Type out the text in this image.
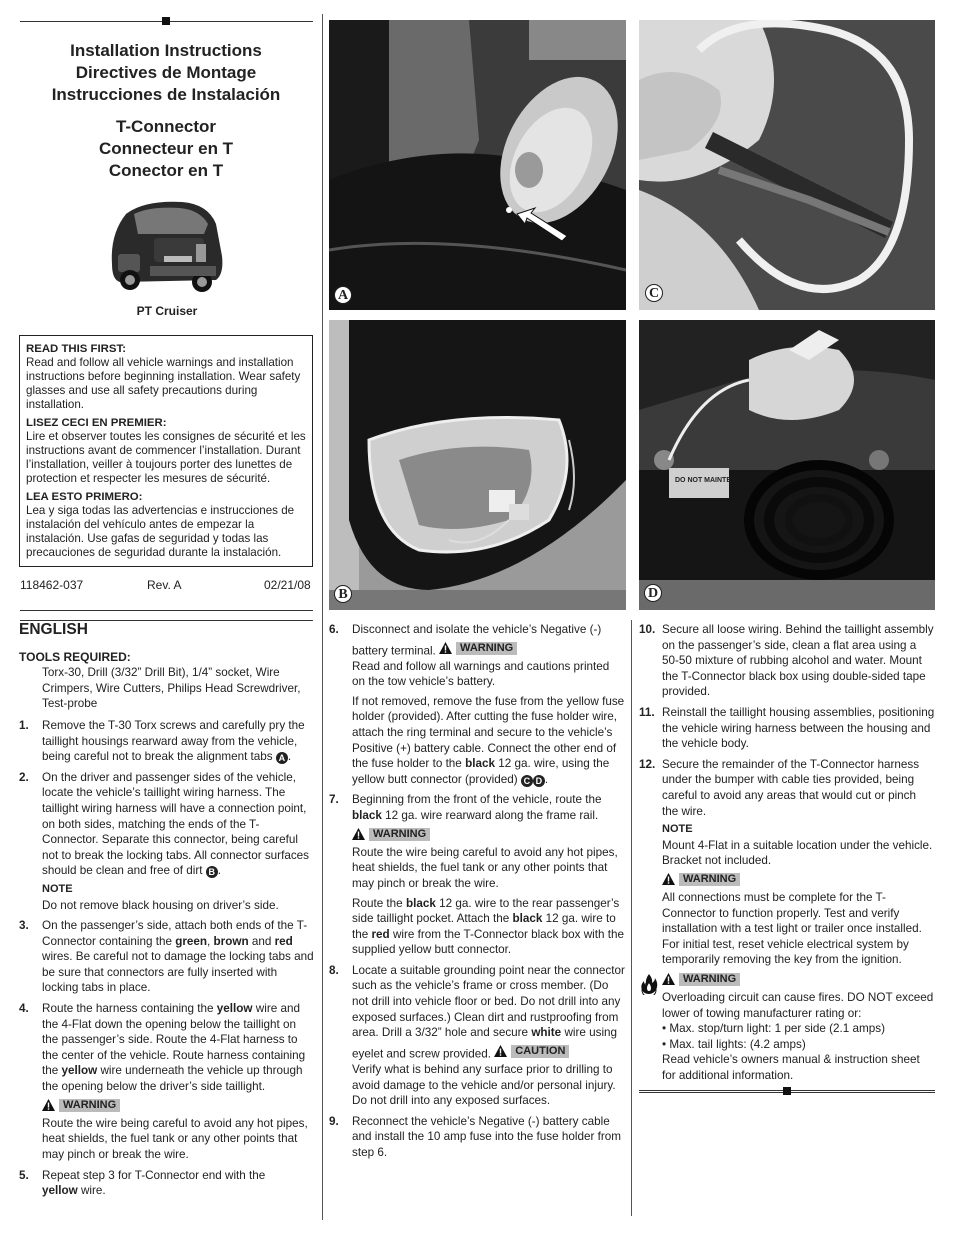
Installation Instructions
Directives de Montage
Instrucciones de Instalación
T-Connector
Connecteur en T
Conector en T
PT Cruiser

READ THIS FIRST:
Read and follow all vehicle warnings and installation instructions before beginning installation. Wear safety glasses and use all safety precautions during installation.

LISEZ CECI EN PREMIER:
Lire et observer toutes les consignes de sécurité et les instructions avant de commencer l’installation. Durant l’installation, veiller à toujours porter des lunettes de protection et respecter les mesures de sécurité.

LEA ESTO PRIMERO:
Lea y siga todas las advertencias e instrucciones de instalación del vehículo antes de empezar la instalación. Use gafas de seguridad y todas las precauciones de seguridad durante la instalación.

118462-037	Rev. A	02/21/08
A	C
B
DO NOT MAINTE
D
ENGLISH
TOOLS REQUIRED:
Torx-30, Drill (3/32” Drill Bit), 1/4” socket, Wire Crimpers, Wire Cutters, Philips Head Screwdriver, Test-probe
1. Remove the T-30 Torx screws and carefully pry the taillight housings rearward away from the vehicle, being careful not to break the alignment tabs A .
2. On the driver and passenger sides of the vehicle, locate the vehicle’s taillight wiring harness. The taillight wiring harness will have a connection point, on both sides, matching the ends of the T-Connector. Separate this connector, being careful not to break the locking tabs. All connector surfaces should be clean and free of dirt B .
NOTE
Do not remove black housing on driver’s side.
3. On the passenger’s side, attach both ends of the T-Connector containing the green, brown and red wires. Be careful not to damage the locking tabs and be sure that connectors are fully inserted with locking tabs in place.
4. Route the harness containing the yellow wire and the 4-Flat down the opening below the taillight on the passenger’s side. Route the 4-Flat harness to the center of the vehicle. Route harness containing the yellow wire underneath the vehicle up through the opening below the driver’s side taillight.
WARNING
Route the wire being careful to avoid any hot pipes, heat shields, the fuel tank or any other points that may pinch or break the wire.
5. Repeat step 3 for T-Connector end with the
yellow wire.
6. Disconnect and isolate the vehicle’s Negative (-) battery terminal.	WARNING
Read and follow all warnings and cautions printed on the tow vehicle’s battery.
If not removed, remove the fuse from the yellow fuse holder (provided). After cutting the fuse holder wire, attach the ring terminal and secure to the vehicle’s Positive (+) battery cable. Connect the other end of the fuse holder to the black 12 ga. wire, using the yellow butt connector (provided) C D .
7. Beginning from the front of the vehicle, route the black 12 ga. wire rearward along the frame rail.
WARNING
Route the wire being careful to avoid any hot pipes, heat shields, the fuel tank or any other points that may pinch or break the wire.
Route the black 12 ga. wire to the rear passenger’s side taillight pocket. Attach the black 12 ga. wire to the red wire from the T-Connector black box with the supplied yellow butt connector.
8. Locate a suitable grounding point near the connector such as the vehicle’s frame or cross member. (Do not drill into vehicle floor or bed. Do not drill into any exposed surfaces.) Clean dirt and rustproofing from area. Drill a 3/32” hole and secure white wire using eyelet and screw provided.	CAUTION
Verify what is behind any surface prior to drilling to avoid damage to the vehicle and/or personal injury. Do not drill into any exposed surfaces.
9. Reconnect the vehicle’s Negative (-) battery cable and install the 10 amp fuse into the fuse holder from step 6.
10. Secure all loose wiring. Behind the taillight assembly on the passenger’s side, clean a flat area using a 50-50 mixture of rubbing alcohol and water. Mount the T-Connector black box using double-sided tape provided.
11. Reinstall the taillight housing assemblies, positioning the vehicle wiring harness between the housing and the vehicle body.
12. Secure the remainder of the T-Connector harness under the bumper with cable ties provided, being careful to avoid any areas that would cut or pinch the wire.
NOTE
Mount 4-Flat in a suitable location under the vehicle. Bracket not included.
WARNING
All connections must be complete for the T-Connector to function properly. Test and verify installation with a test light or trailer once installed. For initial test, reset vehicle electrical system by temporarily removing the key from the ignition.
WARNING
Overloading circuit can cause fires. DO NOT exceed lower of towing manufacturer rating or:
• Max. stop/turn light: 1 per side (2.1 amps)
• Max. tail lights: (4.2 amps)
Read vehicle’s owners manual & instruction sheet for additional information.
